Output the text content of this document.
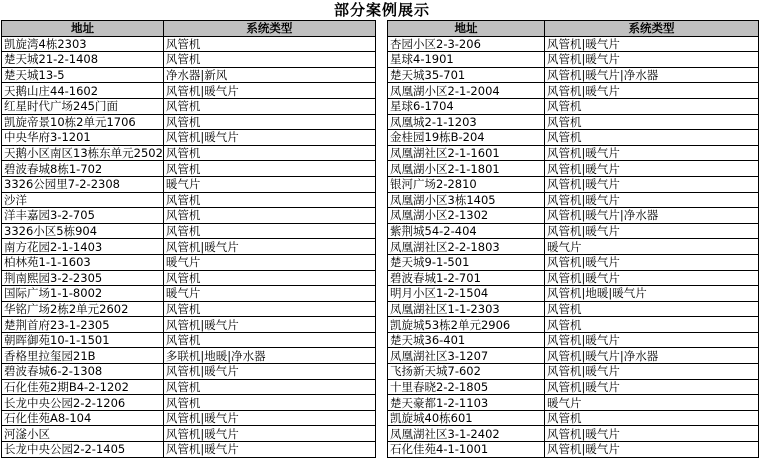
部分案例展示
地址	系统类型
凯旋湾4栋2303	风管机
楚天城21-2-1408	风管机
楚天城13-5	净水器|新风
天鹅山庄44-1602	风管机|暖气片
红星时代广场245门面	风管机
凯旋帝景10栋2单元1706	风管机
中央华府3-1201	风管机|暖气片
天鹅小区南区13栋东单元2502	风管机
碧波春城8栋1-702	风管机
3326公园里7-2-2308	暖气片
沙洋	风管机
洋丰嘉园3-2-705	风管机
3326小区5栋904	风管机
南方花园2-1-1403	风管机|暖气片
柏林苑1-1-1603	暖气片
荆南熙园3-2-2305	风管机
国际广场1-1-8002	暖气片
华铭广场2栋2单元2602	风管机
楚荆首府23-1-2305	风管机|暖气片
朝晖御苑10-1-1501	风管机
香格里拉玺园21B	多联机|地暖|净水器
碧波春城6-2-1308	风管机|暖气片
石化佳苑2期B4-2-1202	风管机
长龙中央公园2-2-1206	风管机
石化佳苑A8-104	风管机|暖气片
河滏小区	风管机|暖气片
长龙中央公园2-2-1405	风管机|暖气片
地址	系统类型
杏园小区2-3-206	风管机|暖气片
星球4-1901	风管机|暖气片
楚天城35-701	风管机|暖气片|净水器
凤凰湖小区2-1-2004	风管机|暖气片
星球6-1704	风管机
凤凰城2-1-1203	风管机
金桂园19栋B-204	风管机
凤凰湖社区2-1-1601	风管机|暖气片
凤凰湖小区2-1-1801	风管机|暖气片
银河广场2-2810	风管机|暖气片
凤凰湖小区3栋1405	风管机|暖气片
凤凰湖小区2-1302	风管机|暖气片|净水器
紫荆城54-2-404	风管机|暖气片
凤凰湖社区2-2-1803	暖气片
楚天城9-1-501	风管机|暖气片
碧波春城1-2-701	风管机|暖气片
明月小区1-2-1504	风管机|地暖|暖气片
凤凰湖社区1-1-2303	风管机
凯旋城53栋2单元2906	风管机
楚天城36-401	风管机|暖气片
凤凰湖社区3-1207	风管机|暖气片|净水器
飞扬新天城7-602	风管机|暖气片
十里春晓2-2-1805	风管机|暖气片
楚天豪都1-2-1103	暖气片
凯旋城40栋601	风管机
凤凰湖社区3-1-2402	风管机|暖气片
石化佳苑4-1-1001	风管机|暖气片
